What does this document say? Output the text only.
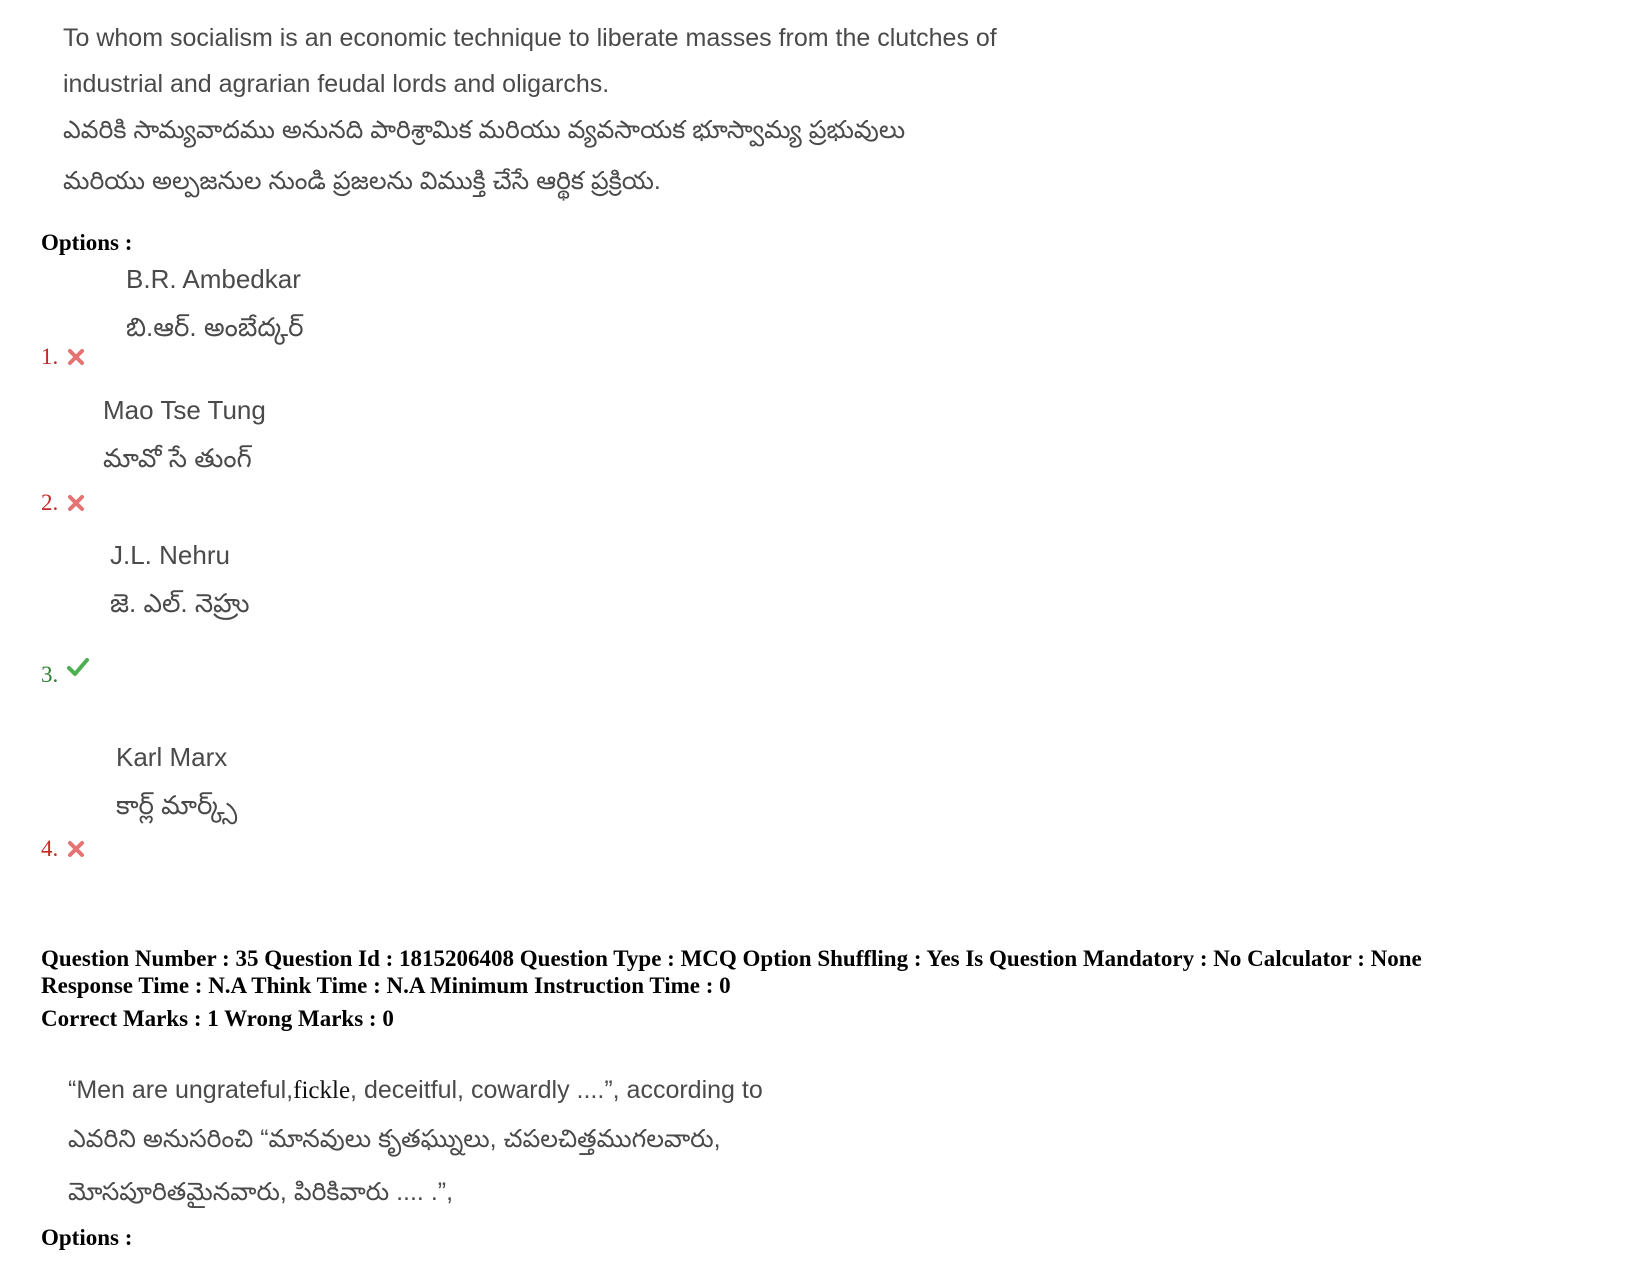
To whom socialism is an economic technique to liberate masses from the clutches of
industrial and agrarian feudal lords and oligarchs.
ఎవరికి సామ్యవాదము అనునది పారిశ్రామిక మరియు వ్యవసాయక భూస్వామ్య ప్రభువులు
మరియు అల్పజనుల నుండి ప్రజలను విముక్తి చేసే ఆర్థిక ప్రక్రియ.
Options :
B.R. Ambedkar
బి.ఆర్. అంబేద్కర్
1.
Mao Tse Tung
మావో సే తుంగ్
2.
J.L. Nehru
జె. ఎల్. నెహ్రు
3.
Karl Marx
కార్ల్ మార్క్స్
4.
Question Number : 35 Question Id : 1815206408 Question Type : MCQ Option Shuffling : Yes Is Question Mandatory : No Calculator : None
Response Time : N.A Think Time : N.A Minimum Instruction Time : 0
Correct Marks : 1 Wrong Marks : 0
“Men are ungrateful,fickle, deceitful, cowardly ....”, according to
ఎవరిని అనుసరించి “మానవులు కృతఘ్నులు, చపలచిత్తముగలవారు,
మోసపూరితమైనవారు, పిరికివారు .... .”,
Options :
